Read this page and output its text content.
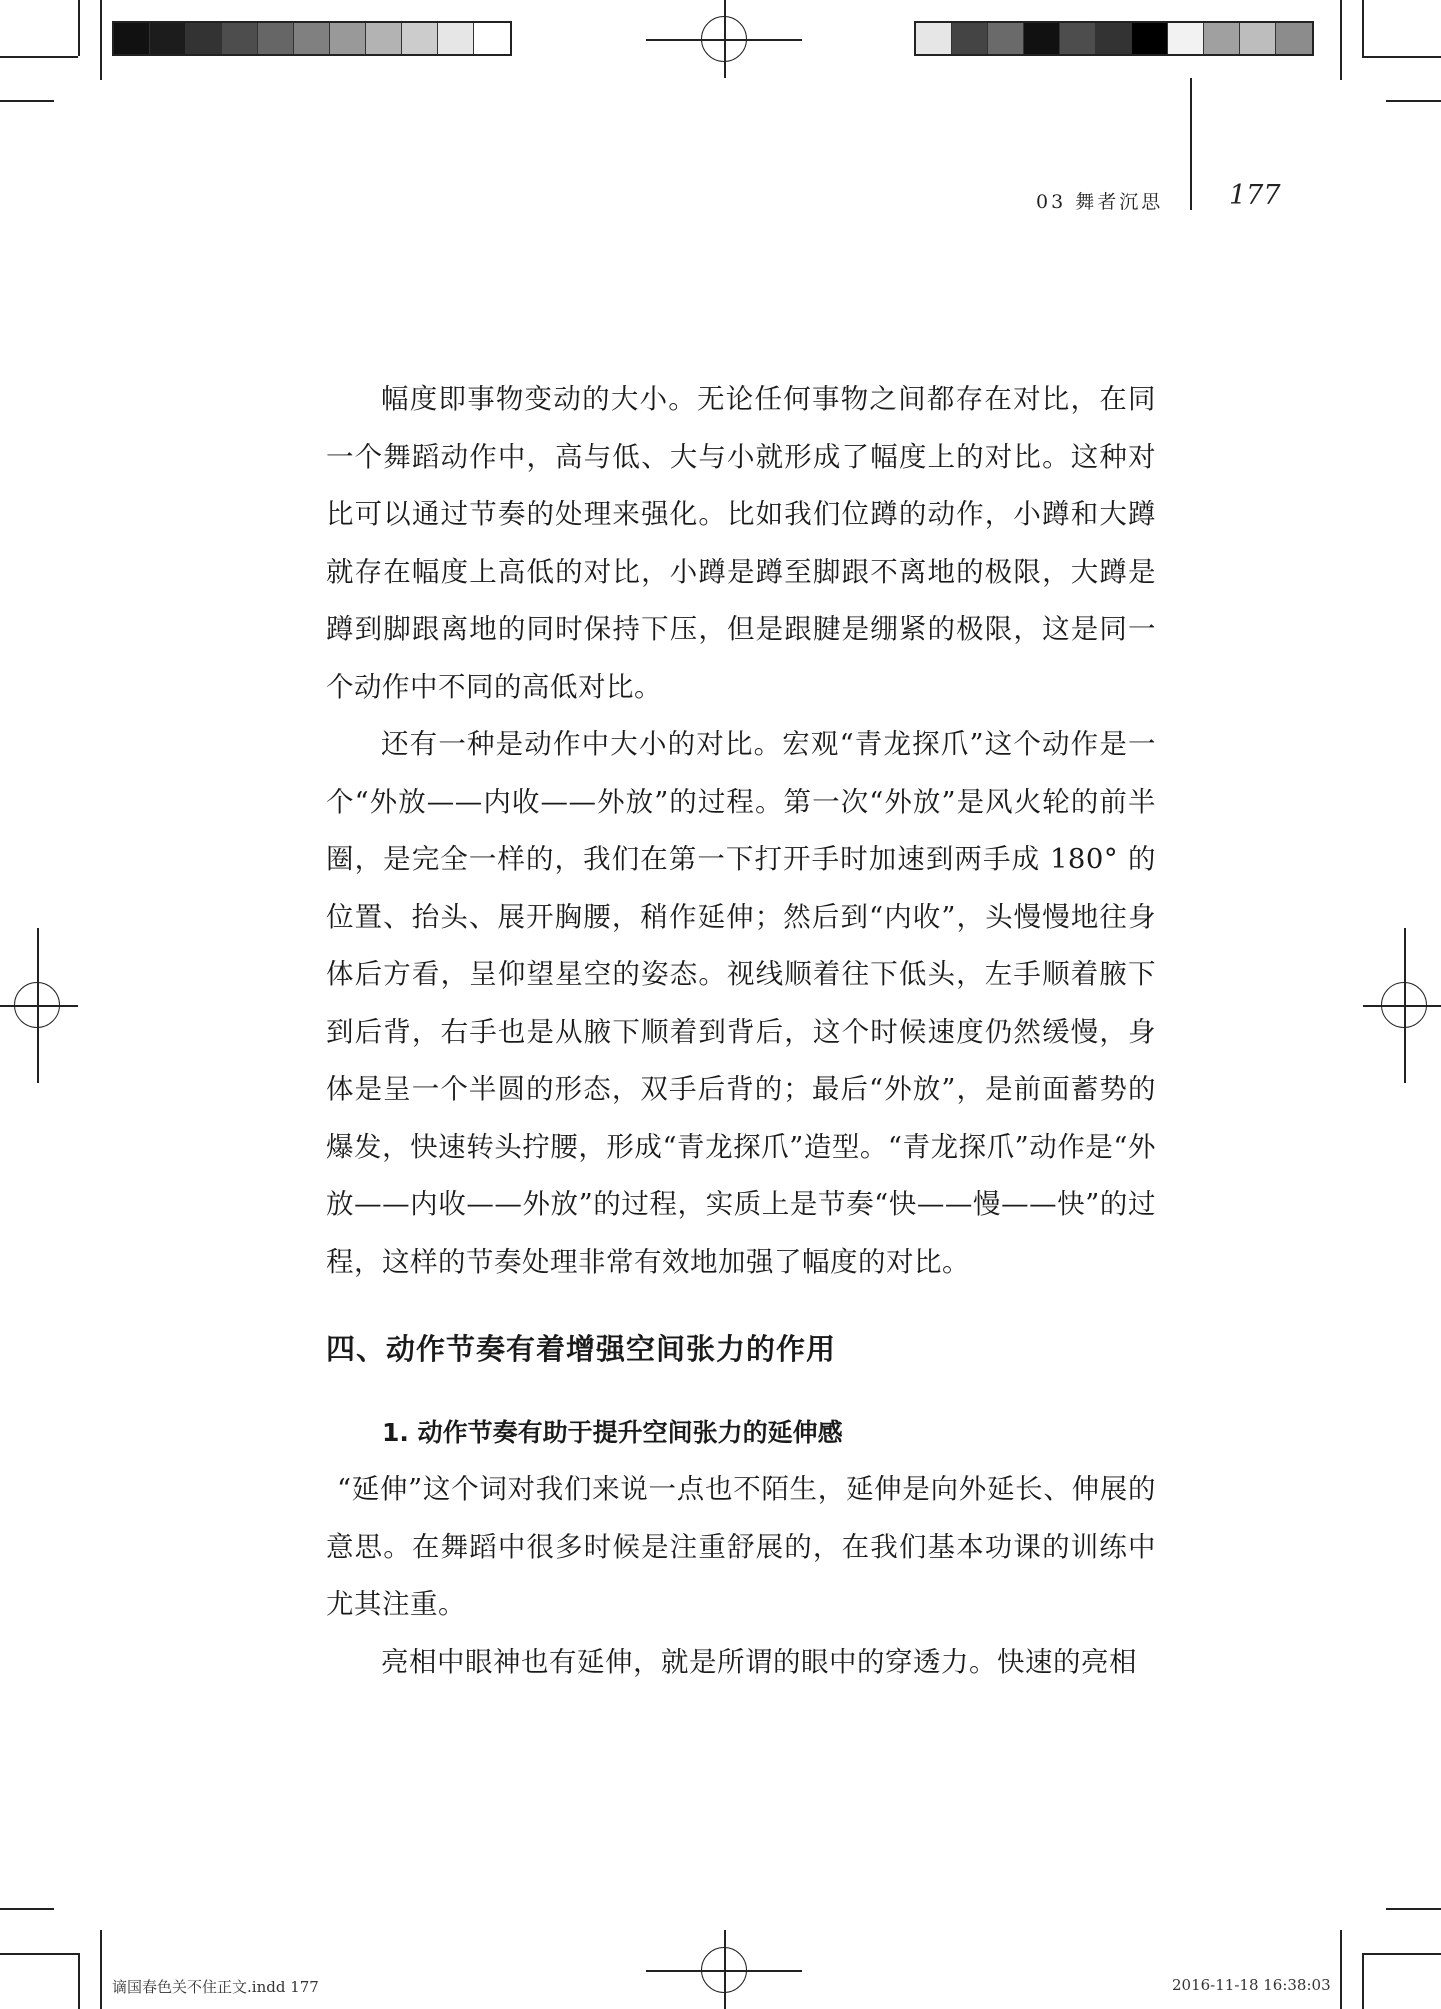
03 舞者沉思 177

幅度即事物变动的大小。无论任何事物之间都存在对比，在同一个舞蹈动作中，高与低、大与小就形成了幅度上的对比。这种对比可以通过节奏的处理来强化。比如我们位蹲的动作，小蹲和大蹲就存在幅度上高低的对比，小蹲是蹲至脚跟不离地的极限，大蹲是蹲到脚跟离地的同时保持下压，但是跟腱是绷紧的极限，这是同一个动作中不同的高低对比。

还有一种是动作中大小的对比。宏观“青龙探爪”这个动作是一个“外放——内收——外放”的过程。第一次“外放”是风火轮的前半圈，是完全一样的，我们在第一下打开手时加速到两手成 180° 的位置、抬头、展开胸腰，稍作延伸；然后到“内收”，头慢慢地往身体后方看，呈仰望星空的姿态。视线顺着往下低头，左手顺着腋下到后背，右手也是从腋下顺着到背后，这个时候速度仍然缓慢，身体是呈一个半圆的形态，双手后背的；最后“外放”，是前面蓄势的爆发，快速转头拧腰，形成“青龙探爪”造型。“青龙探爪”动作是“外放——内收——外放”的过程，实质上是节奏“快——慢——快”的过程，这样的节奏处理非常有效地加强了幅度的对比。

四、动作节奏有着增强空间张力的作用
1. 动作节奏有助于提升空间张力的延伸感

“延伸”这个词对我们来说一点也不陌生，延伸是向外延长、伸展的意思。在舞蹈中很多时候是注重舒展的，在我们基本功课的训练中尤其注重。

亮相中眼神也有延伸，就是所谓的眼中的穿透力。快速的亮相

谪国春色关不住正文.indd 177	2016-11-18 16:38:03
